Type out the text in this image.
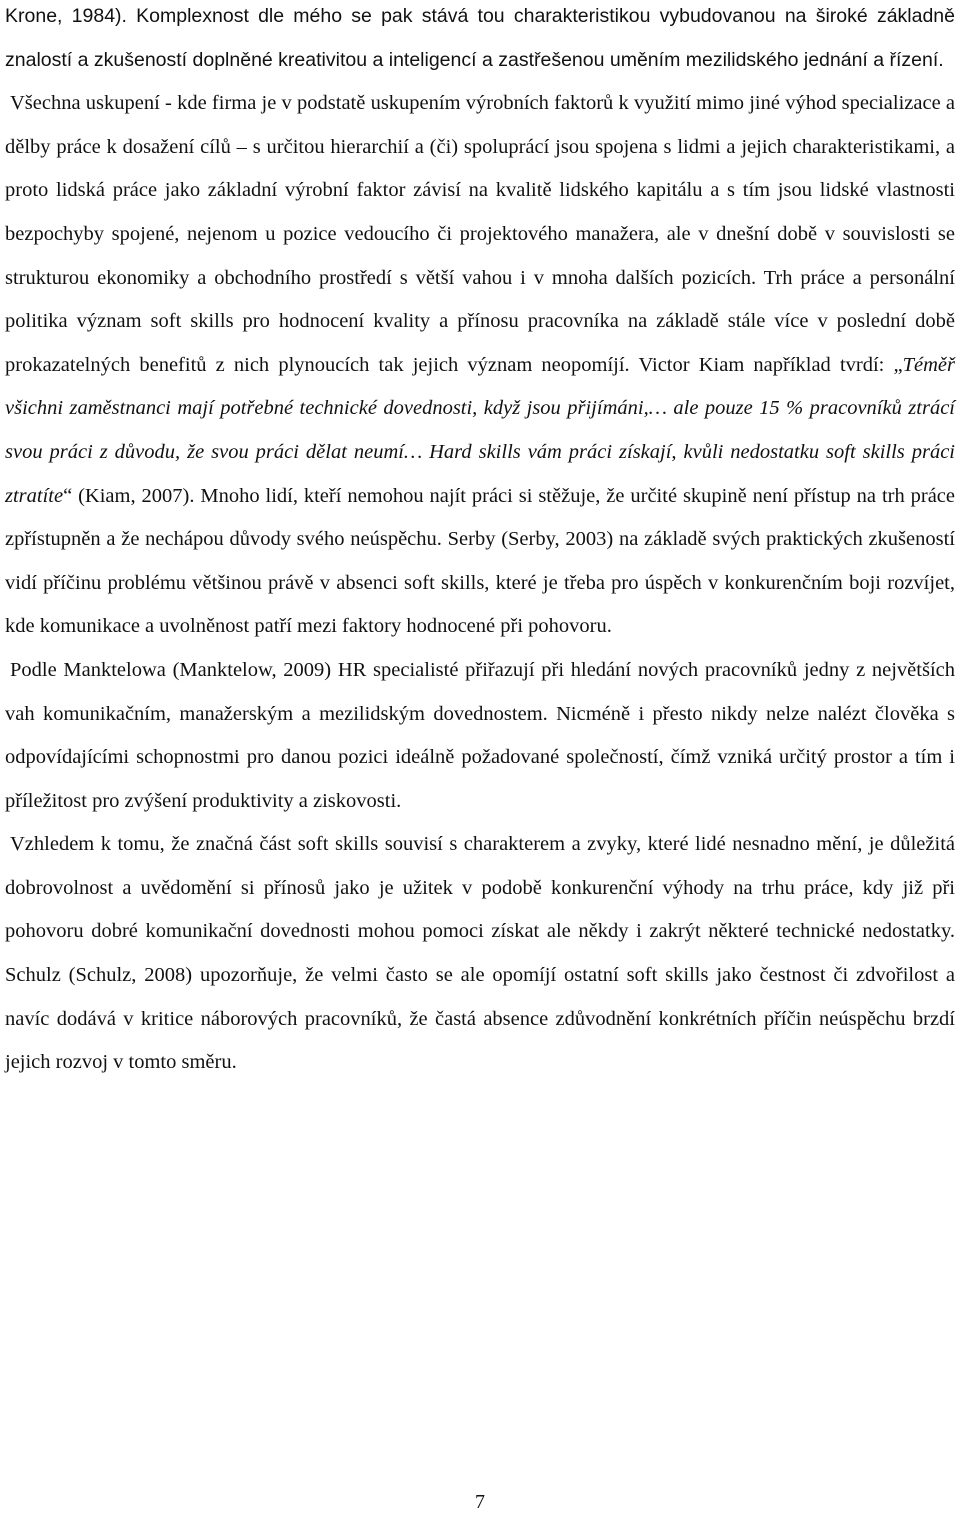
Krone, 1984). Komplexnost dle mého se pak stává tou charakteristikou vybudovanou na široké základně znalostí a zkušeností doplněné kreativitou a inteligencí a zastřešenou uměním mezilidského jednání a řízení.

Všechna uskupení - kde firma je v podstatě uskupením výrobních faktorů k využití mimo jiné výhod specializace a dělby práce k dosažení cílů – s určitou hierarchií a (či) spoluprácí jsou spojena s lidmi a jejich charakteristikami, a proto lidská práce jako základní výrobní faktor závisí na kvalitě lidského kapitálu a s tím jsou lidské vlastnosti bezpochyby spojené, nejenom u pozice vedoucího či projektového manažera, ale v dnešní době v souvislosti se strukturou ekonomiky a obchodního prostředí s větší vahou i v mnoha dalších pozicích. Trh práce a personální politika význam soft skills pro hodnocení kvality a přínosu pracovníka na základě stále více v poslední době prokazatelných benefitů z nich plynoucích tak jejich význam neopomíjí. Victor Kiam například tvrdí: „Téměř všichni zaměstnanci mají potřebné technické dovednosti, když jsou přijímáni,… ale pouze 15 % pracovníků ztrácí svou práci z důvodu, že svou práci dělat neumí… Hard skills vám práci získají, kvůli nedostatku soft skills práci ztratíte“ (Kiam, 2007). Mnoho lidí, kteří nemohou najít práci si stěžuje, že určité skupině není přístup na trh práce zpřístupněn a že nechápou důvody svého neúspěchu. Serby (Serby, 2003) na základě svých praktických zkušeností vidí příčinu problému většinou právě v absenci soft skills, které je třeba pro úspěch v konkurenčním boji rozvíjet, kde komunikace a uvolněnost patří mezi faktory hodnocené při pohovoru.

Podle Manktelowa (Manktelow, 2009) HR specialisté přiřazují při hledání nových pracovníků jedny z největších vah komunikačním, manažerským a mezilidským dovednostem. Nicméně i přesto nikdy nelze nalézt člověka s odpovídajícími schopnostmi pro danou pozici ideálně požadované společností, čímž vzniká určitý prostor a tím i příležitost pro zvýšení produktivity a ziskovosti.

Vzhledem k tomu, že značná část soft skills souvisí s charakterem a zvyky, které lidé nesnadno mění, je důležitá dobrovolnost a uvědomění si přínosů jako je užitek v podobě konkurenční výhody na trhu práce, kdy již při pohovoru dobré komunikační dovednosti mohou pomoci získat ale někdy i zakrýt některé technické nedostatky. Schulz (Schulz, 2008) upozorňuje, že velmi často se ale opomíjí ostatní soft skills jako čestnost či zdvořilost a navíc dodává v kritice náborových pracovníků, že častá absence zdůvodnění konkrétních příčin neúspěchu brzdí jejich rozvoj v tomto směru.

7
